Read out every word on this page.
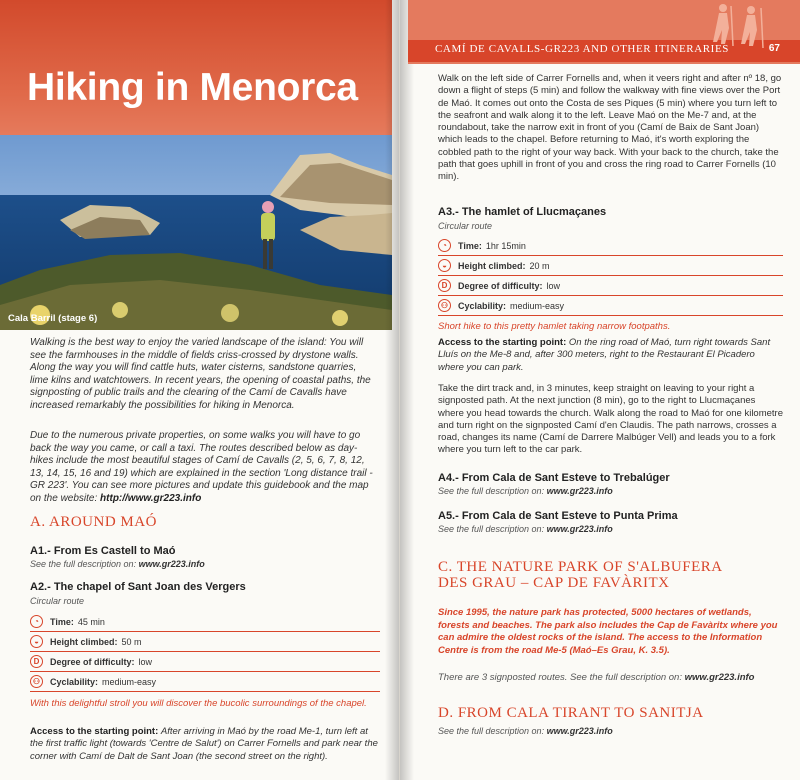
Hiking in Menorca
Cala Barril (stage 6)
Walking is the best way to enjoy the varied landscape of the island: You will see the farmhouses in the middle of fields criss-crossed by drystone walls. Along the way you will find cattle huts, water cisterns, sandstone quarries, lime kilns and watchtowers. In recent years, the opening of coastal paths, the signposting of public trails and the clearing of the Camí de Cavalls have increased remarkably the possibilities for hiking in Menorca.
Due to the numerous private properties, on some walks you will have to go back the way you came, or call a taxi. The routes described below as day-hikes include the most beautiful stages of Camí de Cavalls (2, 5, 6, 7, 8, 12, 13, 14, 15, 16 and 19) which are explained in the section 'Long distance trail - GR 223'. You can see more pictures and update this guidebook and the map on the website: http://www.gr223.info
A. AROUND MAÓ
A1.- From Es Castell to Maó
See the full description on: www.gr223.info
A2.- The chapel of Sant Joan des Vergers
Circular route
◔	Time: 45 min
◒	Height climbed: 50 m
D	Degree of difficulty: low
⚇	Cyclability: medium-easy
With this delightful stroll you will discover the bucolic surroundings of the chapel.
Access to the starting point: After arriving in Maó by the road Me-1, turn left at the first traffic light (towards 'Centre de Salut') on Carrer Fornells and park near the corner with Camí de Dalt de Sant Joan (the second street on the right).
CAMÍ DE CAVALLS-GR223 AND OTHER ITINERARIES	67
Walk on the left side of Carrer Fornells and, when it veers right and after nº 18, go down a flight of steps (5 min) and follow the walkway with fine views over the Port de Maó. It comes out onto the Costa de ses Piques (5 min) where you turn left to the seafront and walk along it to the left. Leave Maó on the Me-7 and, at the roundabout, take the narrow exit in front of you (Camí de Baix de Sant Joan) which leads to the chapel. Before returning to Maó, it's worth exploring the cobbled path to the right of your way back. With your back to the church, take the path that goes uphill in front of you and cross the ring road to Carrer Fornells (10 min).
A3.- The hamlet of Llucmaçanes
Circular route
◔	Time: 1hr 15min
◒	Height climbed: 20 m
D	Degree of difficulty: low
⚇	Cyclability: medium-easy
Short hike to this pretty hamlet taking narrow footpaths.
Access to the starting point: On the ring road of Maó, turn right towards Sant Lluís on the Me-8 and, after 300 meters, right to the Restaurant El Picadero where you can park.
Take the dirt track and, in 3 minutes, keep straight on leaving to your right a signposted path. At the next junction (8 min), go to the right to Llucmaçanes where you head towards the church. Walk along the road to Maó for one kilometre and turn right on the signposted Camí d'en Claudis. The path narrows, crosses a road, changes its name (Camí de Darrere Malbúger Vell) and leads you to a fork where you turn left to the car park.
A4.- From Cala de Sant Esteve to Trebalúger
See the full description on: www.gr223.info
A5.- From Cala de Sant Esteve to Punta Prima
See the full description on: www.gr223.info
C. THE NATURE PARK OF S'ALBUFERA
DES GRAU – CAP DE FAVÀRITX
Since 1995, the nature park has protected, 5000 hectares of wetlands, forests and beaches. The park also includes the Cap de Favàritx where you can admire the oldest rocks of the island. The access to the Information Centre is from the road Me-5 (Maó–Es Grau, K. 3.5).
There are 3 signposted routes. See the full description on: www.gr223.info
D. FROM CALA TIRANT TO SANITJA
See the full description on: www.gr223.info
